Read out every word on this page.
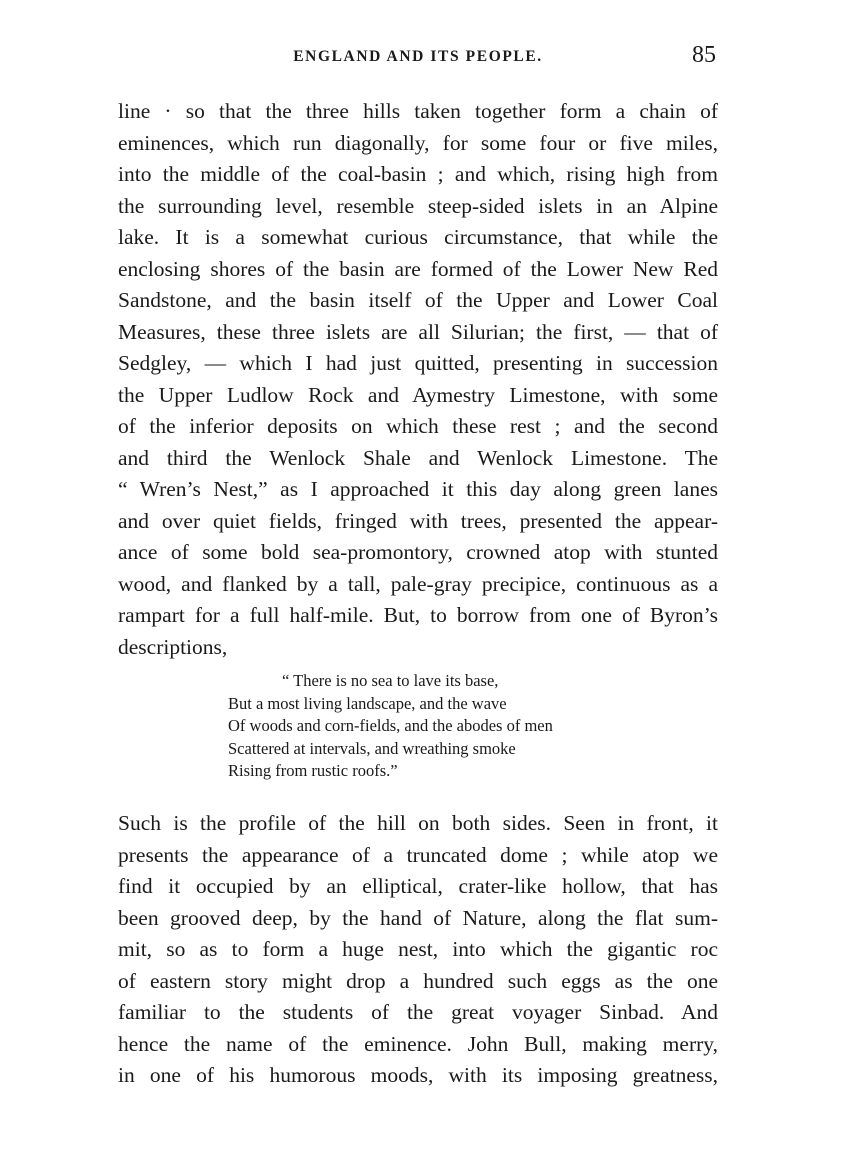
ENGLAND AND ITS PEOPLE.	85
line · so that the three hills taken together form a chain of
eminences, which run diagonally, for some four or five miles,
into the middle of the coal-basin ; and which, rising high from
the surrounding level, resemble steep-sided islets in an Alpine
lake. It is a somewhat curious circumstance, that while the
enclosing shores of the basin are formed of the Lower New Red
Sandstone, and the basin itself of the Upper and Lower Coal
Measures, these three islets are all Silurian; the first, — that of
Sedgley, — which I had just quitted, presenting in succession
the Upper Ludlow Rock and Aymestry Limestone, with some
of the inferior deposits on which these rest ; and the second
and third the Wenlock Shale and Wenlock Limestone. The
“ Wren’s Nest,” as I approached it this day along green lanes
and over quiet fields, fringed with trees, presented the appear-
ance of some bold sea-promontory, crowned atop with stunted
wood, and flanked by a tall, pale-gray precipice, continuous as a
rampart for a full half-mile. But, to borrow from one of Byron’s
descriptions,
“ There is no sea to lave its base,
But a most living landscape, and the wave
Of woods and corn-fields, and the abodes of men
Scattered at intervals, and wreathing smoke
Rising from rustic roofs.”
Such is the profile of the hill on both sides. Seen in front, it
presents the appearance of a truncated dome ; while atop we
find it occupied by an elliptical, crater-like hollow, that has
been grooved deep, by the hand of Nature, along the flat sum-
mit, so as to form a huge nest, into which the gigantic roc
of eastern story might drop a hundred such eggs as the one
familiar to the students of the great voyager Sinbad. And
hence the name of the eminence. John Bull, making merry,
in one of his humorous moods, with its imposing greatness,
